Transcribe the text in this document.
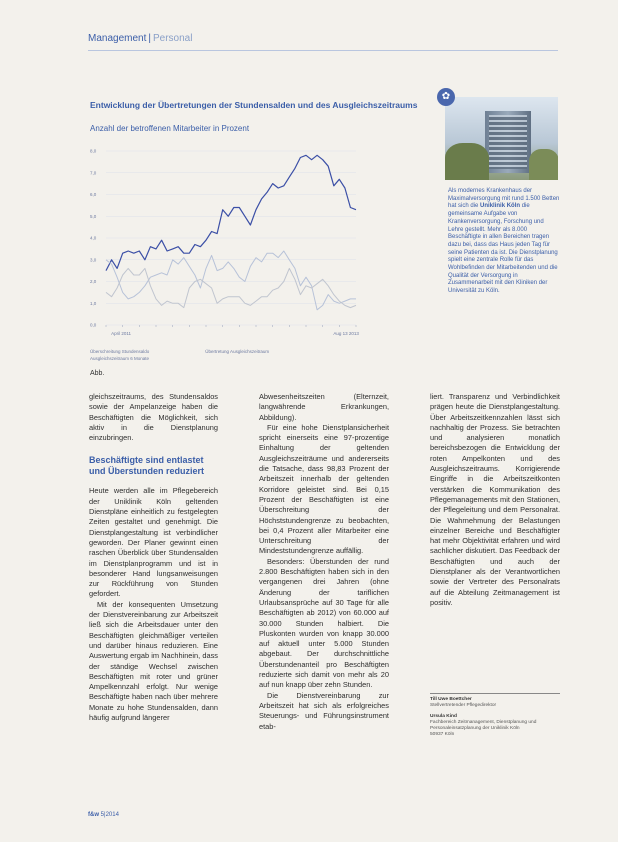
Management | Personal
Entwicklung der Übertretungen der Stundensalden und des Ausgleichszeitraums
Anzahl der betroffenen Mitarbeiter in Prozent
8,0
7,0
6,0
5,0
4,0
3,0
2,0
1,0
0,0
April 2011	Aug 13 2013
Überschreitung Stundensaldo	Übertretung Ausgleichszeitraum
Ausgleichszeitraum 6 Monate
Abb.
✿
Als modernes Krankenhaus der Maximalversorgung mit rund 1.500 Betten hat sich die Uniklinik Köln die gemeinsame Aufgabe von Krankenversorgung, Forschung und Lehre gestellt. Mehr als 8.000 Beschäftigte in allen Bereichen tragen dazu bei, dass das Haus jeden Tag für seine Patienten da ist. Die Dienstplanung spielt eine zentrale Rolle für das Wohlbefinden der Mitarbeitenden und die Qualität der Versorgung in Zusammenarbeit mit den Kliniken der Universität zu Köln.

gleichszeitraums, des Stundensaldos sowie der Ampelanzeige haben die Beschäftigten die Möglichkeit, sich aktiv in die Dienstplanung einzubringen.

Beschäftigte sind entlastet und Überstunden reduziert

Heute werden alle im Pflegebereich der Uniklinik Köln geltenden Dienstpläne einheitlich zu festgelegten Zeiten gestaltet und genehmigt. Die Dienstplangestaltung ist verbindlicher geworden. Der Planer gewinnt einen raschen Überblick über Stundensalden im Dienstplanprogramm und ist in besonderer Hand lungsanweisungen zur Rückführung von Stunden gefordert.

Mit der konsequenten Umsetzung der Dienstvereinbarung zur Arbeitszeit ließ sich die Arbeitsdauer unter den Beschäftigten gleichmäßiger verteilen und darüber hinaus reduzieren. Eine Auswertung ergab im Nachhinein, dass der ständige Wechsel zwischen Beschäftigten mit roter und grüner Ampelkennzahl erfolgt. Nur wenige Beschäftigte haben nach über mehrere Monate zu hohe Stundensalden, dann häufig aufgrund längerer

Abwesenheitszeiten (Elternzeit, langwährende Erkrankungen, Abbildung).

Für eine hohe Dienstplansicherheit spricht einerseits eine 97-prozentige Einhaltung der geltenden Ausgleichszeiträume und andererseits die Tatsache, dass 98,83 Prozent der Arbeitszeit innerhalb der geltenden Korridore geleistet sind. Bei 0,15 Prozent der Beschäftigten ist eine Überschreitung der Höchststundengrenze zu beobachten, bei 0,4 Prozent aller Mitarbeiter eine Unterschreitung der Mindeststundengrenze auffällig.

Besonders: Überstunden der rund 2.800 Beschäftigten haben sich in den vergangenen drei Jahren (ohne Änderung der tariflichen Urlaubsansprüche auf 30 Tage für alle Beschäftigten ab 2012) von 60.000 auf 30.000 Stunden halbiert. Die Pluskonten wurden von knapp 30.000 auf aktuell unter 5.000 Stunden abgebaut. Der durchschnittliche Überstundenanteil pro Beschäftigten reduzierte sich damit von mehr als 20 auf nun knapp über zehn Stunden.

Die Dienstvereinbarung zur Arbeitszeit hat sich als erfolgreiches Steuerungs- und Führungsinstrument etab-

liert. Transparenz und Verbindlichkeit prägen heute die Dienstplangestaltung. Über Arbeitszeitkennzahlen lässt sich nachhaltig der Prozess. Sie betrachten und analysieren monatlich bereichsbezogen die Entwicklung der roten Ampelkonten und des Ausgleichszeitraums. Korrigierende Eingriffe in die Arbeitszeitkonten verstärken die Kommunikation des Pflegemanagements mit den Stationen, der Pflegeleitung und dem Personalrat. Die Wahrnehmung der Belastungen einzelner Bereiche und Beschäftigter hat mehr Objektivität erfahren und wird sachlicher diskutiert. Das Feedback der Beschäftigten und auch der Dienstplaner als der Verantwortlichen sowie der Vertreter des Personalrats auf die Abteilung Zeitmanagement ist positiv.

Till Uwe Boettcher
Stellvertretender Pflegedirektor
Ursula Kind
Fachbereich Zeitmanagement, Dienstplanung und Personaleinsatzplanung der Uniklinik Köln
50937 Köln
f&w 5|2014
